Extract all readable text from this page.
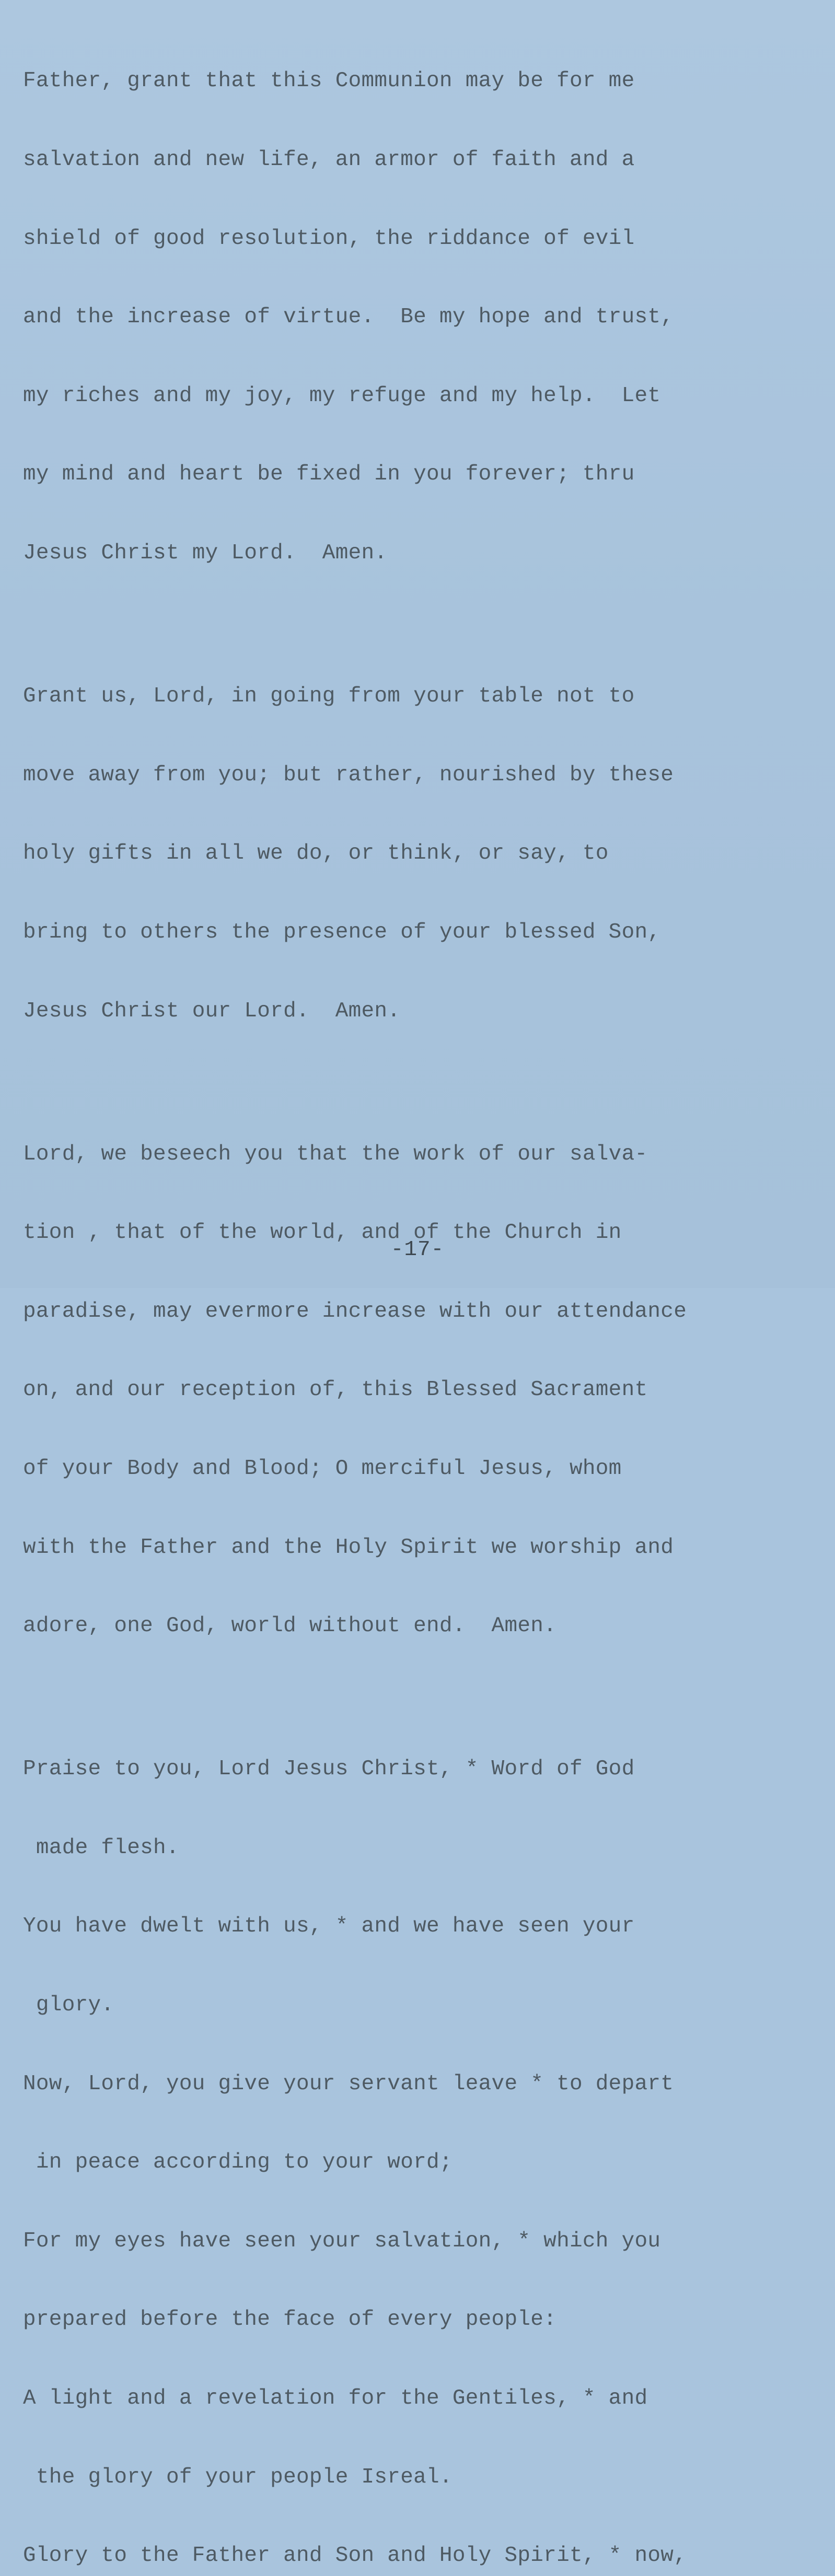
Father, grant that this Communion may be for me

salvation and new life, an armor of faith and a

shield of good resolution, the riddance of evil

and the increase of virtue.  Be my hope and trust,

my riches and my joy, my refuge and my help.  Let

my mind and heart be fixed in you forever; thru

Jesus Christ my Lord.  Amen.

Grant us, Lord, in going from your table not to

move away from you; but rather, nourished by these

holy gifts in all we do, or think, or say, to

bring to others the presence of your blessed Son,

Jesus Christ our Lord.  Amen.

Lord, we beseech you that the work of our salva-

tion , that of the world, and of the Church in

paradise, may evermore increase with our attendance

on, and our reception of, this Blessed Sacrament

of your Body and Blood; O merciful Jesus, whom

with the Father and the Holy Spirit we worship and

adore, one God, world without end.  Amen.

Praise to you, Lord Jesus Christ, * Word of God

made flesh.

You have dwelt with us, * and we have seen your

glory.

Now, Lord, you give your servant leave * to depart

in peace according to your word;

For my eyes have seen your salvation, * which you

prepared before the face of every people:

A light and a revelation for the Gentiles, * and

the glory of your people Isreal.

Glory to the Father and Son and Holy Spirit, * now,

-17-
